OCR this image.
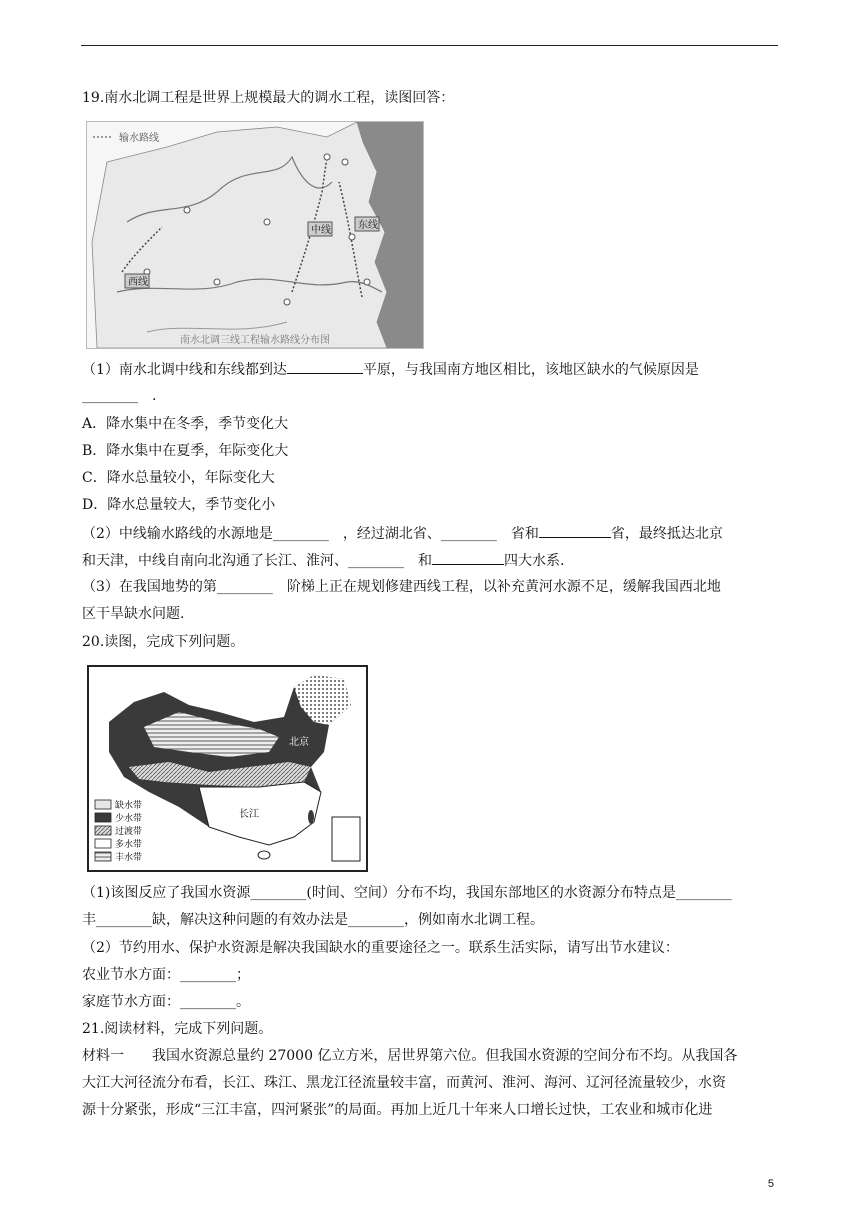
19.南水北调工程是世界上规模最大的调水工程，读图回答：
（1）南水北调中线和东线都到达	平原，与我国南方地区相比，该地区缺水的气候原因是
________　.
A．降水集中在冬季，季节变化大
B．降水集中在夏季，年际变化大
C．降水总量较小，年际变化大
D．降水总量较大，季节变化小
（2）中线输水路线的水源地是________　，经过湖北省、________　省和	省，最终抵达北京
和天津，中线自南向北沟通了长江、淮河、________　和	四大水系.
（3）在我国地势的第________　阶梯上正在规划修建西线工程，以补充黄河水源不足，缓解我国西北地
区干旱缺水问题.
20.读图，完成下列问题。
（1)该图反应了我国水资源________(时间、空间）分布不均，我国东部地区的水资源分布特点是________
丰________缺，解决这种问题的有效办法是________，例如南水北调工程。
（2）节约用水、保护水资源是解决我国缺水的重要途径之一。联系生活实际，请写出节水建议：
农业节水方面：________；
家庭节水方面：________。
21.阅读材料，完成下列问题。
材料一　　我国水资源总量约 27000 亿立方米，居世界第六位。但我国水资源的空间分布不均。从我国各
大江大河径流分布看，长江、珠江、黑龙江径流量较丰富，而黄河、淮河、海河、辽河径流量较少，水资
源十分紧张，形成“三江丰富，四河紧张”的局面。再加上近几十年来人口增长过快，工农业和城市化进
输水路线
中线	东线
西线
南水北调三线工程输水路线分布图
北京
长江
缺水带
少水带
过渡带
多水带
丰水带
5
